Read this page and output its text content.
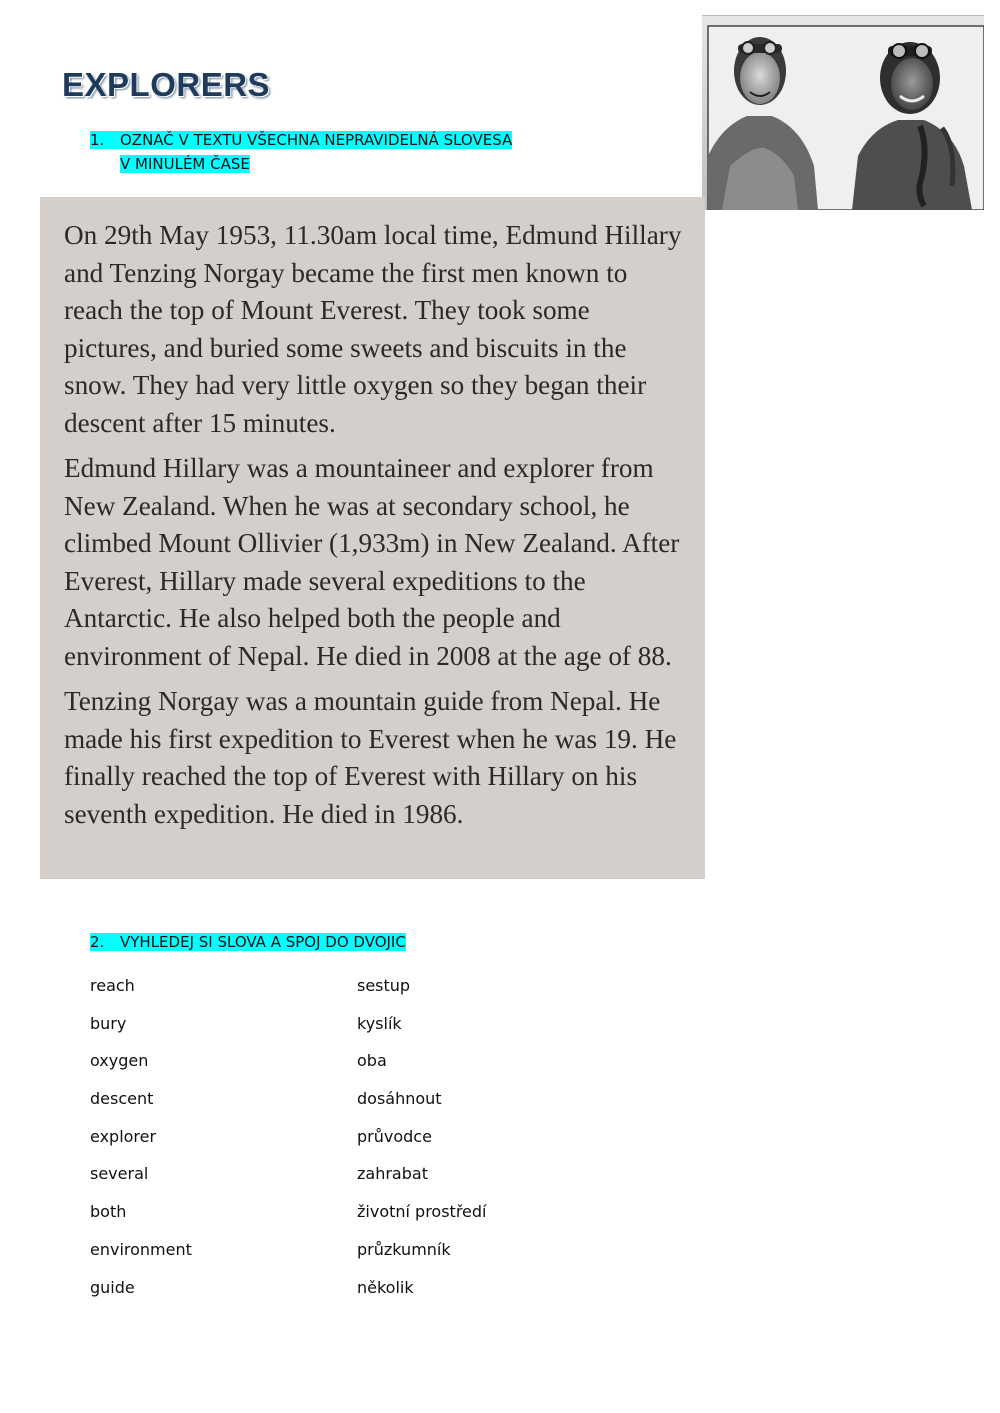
EXPLORERS
1. OZNAČ V TEXTU VŠECHNA NEPRAVIDELNÁ SLOVESA
V MINULÉM ČASE

On 29th May 1953, 11.30am local time, Edmund Hillary and Tenzing Norgay became the first men known to reach the top of Mount Everest. They took some pictures, and buried some sweets and biscuits in the snow. They had very little oxygen so they began their descent after 15 minutes.

Edmund Hillary was a mountaineer and explorer from New Zealand. When he was at secondary school, he climbed Mount Ollivier (1,933m) in New Zealand. After Everest, Hillary made several expeditions to the Antarctic. He also helped both the people and environment of Nepal. He died in 2008 at the age of 88.

Tenzing Norgay was a mountain guide from Nepal. He made his first expedition to Everest when he was 19. He finally reached the top of Everest with Hillary on his seventh expedition. He died in 1986.

2. VYHLEDEJ SI SLOVA A SPOJ DO DVOJIC
reach
bury
oxygen
descent
explorer
several
both
environment
guide
sestup
kyslík
oba
dosáhnout
průvodce
zahrabat
životní prostředí
průzkumník
několik
